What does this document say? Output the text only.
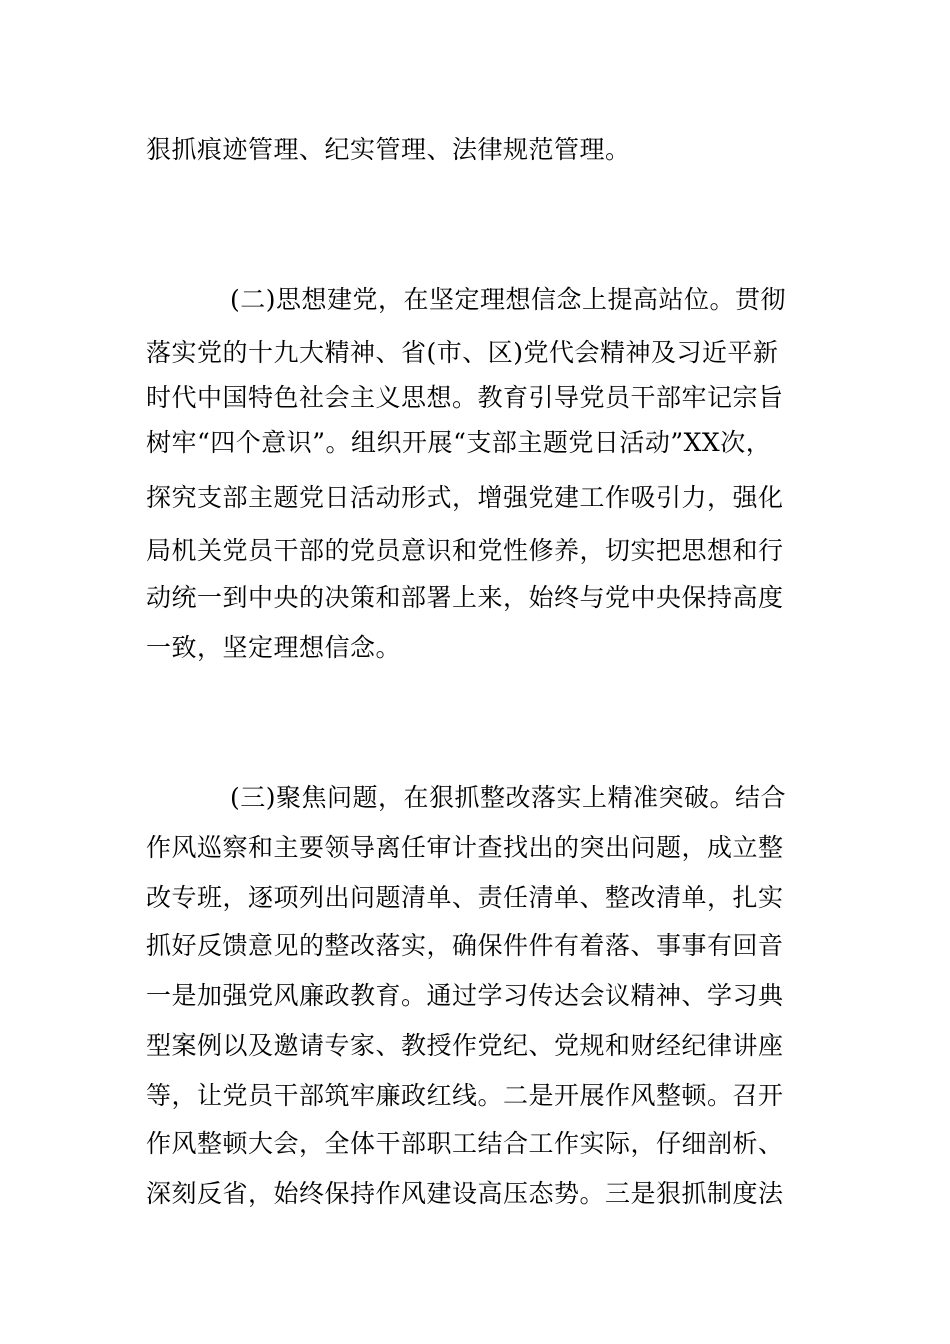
狠抓痕迹管理、纪实管理、法律规范管理。
(二)思想建党，在坚定理想信念上提高站位。贯彻
落实党的十九大精神、省(市、区)党代会精神及习近平新
时代中国特色社会主义思想。教育引导党员干部牢记宗旨
树牢“四个意识”。组织开展“支部主题党日活动”XX次，
探究支部主题党日活动形式，增强党建工作吸引力，强化
局机关党员干部的党员意识和党性修养，切实把思想和行
动统一到中央的决策和部署上来，始终与党中央保持高度
一致，坚定理想信念。
(三)聚焦问题，在狠抓整改落实上精准突破。结合
作风巡察和主要领导离任审计查找出的突出问题，成立整
改专班，逐项列出问题清单、责任清单、整改清单，扎实
抓好反馈意见的整改落实，确保件件有着落、事事有回音
一是加强党风廉政教育。通过学习传达会议精神、学习典
型案例以及邀请专家、教授作党纪、党规和财经纪律讲座
等，让党员干部筑牢廉政红线。二是开展作风整顿。召开
作风整顿大会，全体干部职工结合工作实际，仔细剖析、
深刻反省，始终保持作风建设高压态势。三是狠抓制度法
